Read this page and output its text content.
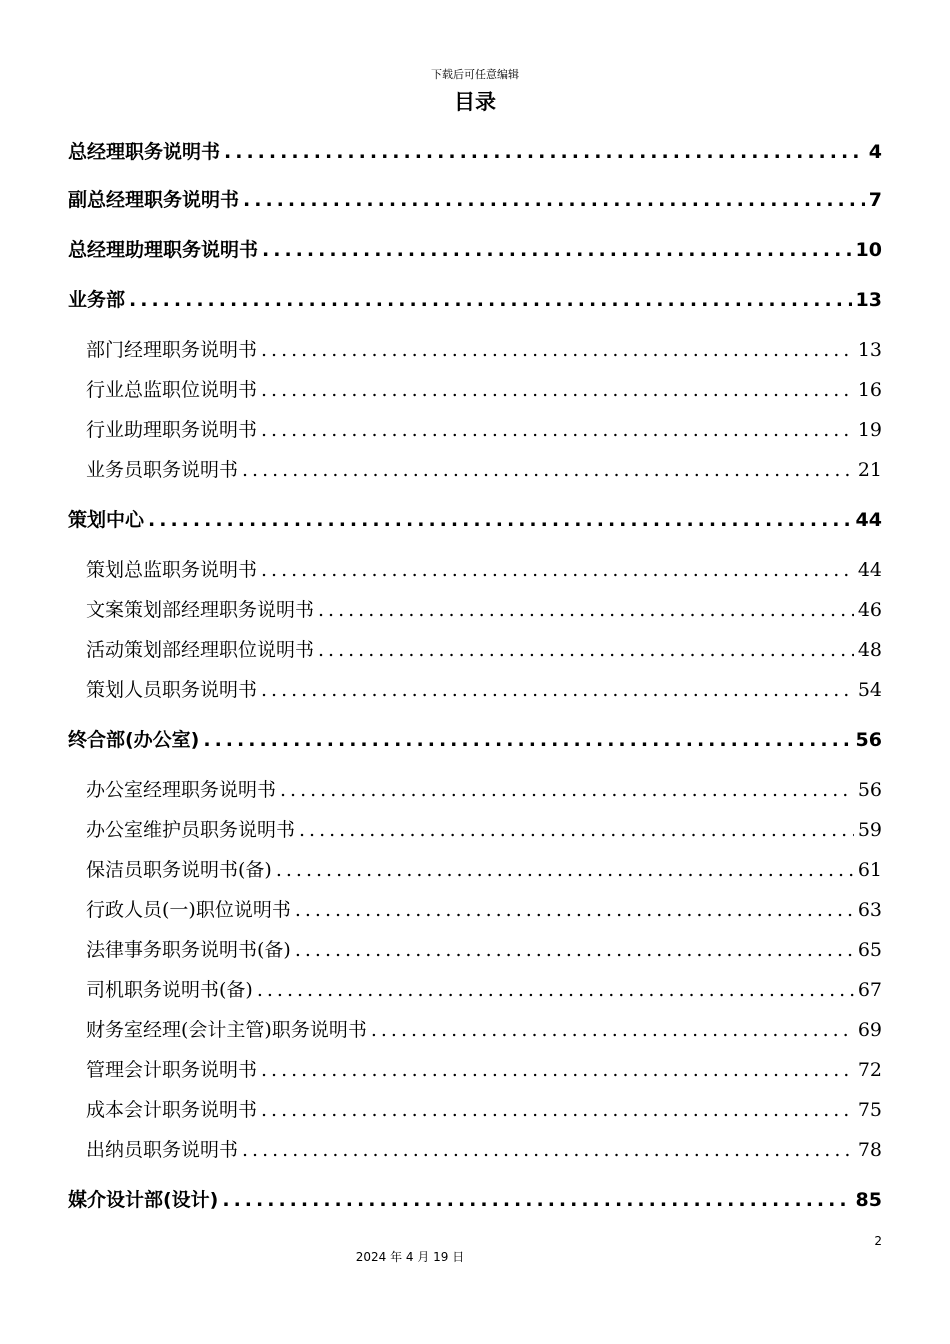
下载后可任意编辑
目录
总经理职务说明书 .....	4
副总经理职务说明书 .....	7
总经理助理职务说明书 .....	10
业务部 .....	13
部门经理职务说明书 .....	13
行业总监职位说明书 .....	16
行业助理职务说明书 .....	19
业务员职务说明书 .....	21
策划中心 .....	44
策划总监职务说明书 .....	44
文案策划部经理职务说明书 .....	46
活动策划部经理职位说明书 .....	48
策划人员职务说明书 .....	54
终合部(办公室) .....	56
办公室经理职务说明书 .....	56
办公室维护员职务说明书 .....	59
保洁员职务说明书(备) .....	61
行政人员(一)职位说明书 .....	63
法律事务职务说明书(备) .....	65
司机职务说明书(备) .....	67
财务室经理(会计主管)职务说明书 .....	69
管理会计职务说明书 .....	72
成本会计职务说明书 .....	75
出纳员职务说明书 .....	78
媒介设计部(设计) .....	85
2
2024 年 4 月 19 日
